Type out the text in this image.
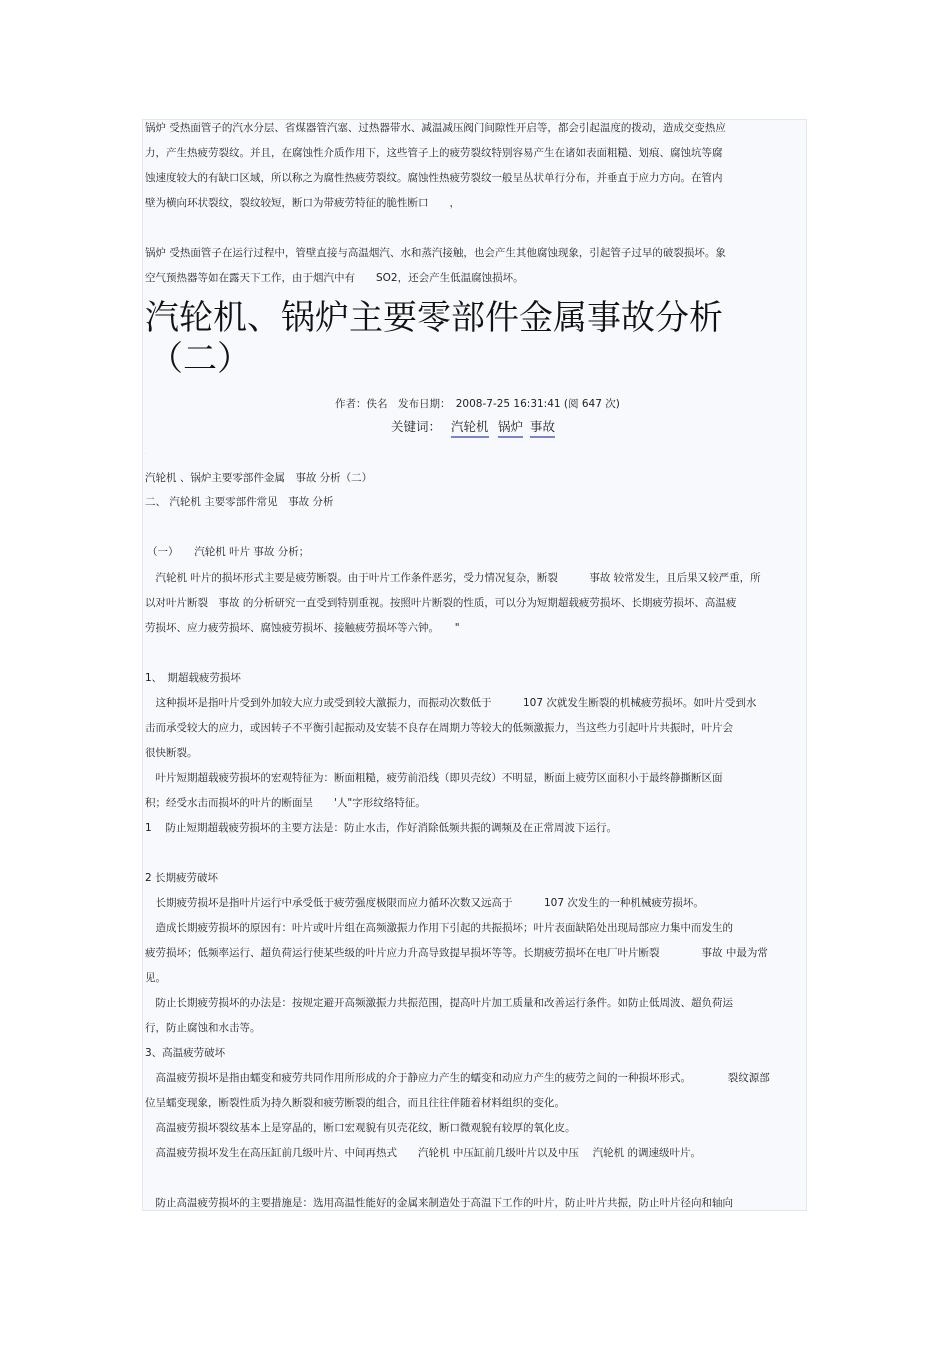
锅炉 受热面管子的汽水分层、省煤器管汽塞、过热器带水、减温减压阀门间隙性开启等，都会引起温度的拨动，造成交变热应
力，产生热疲劳裂纹。并且，在腐蚀性介质作用下，这些管子上的疲劳裂纹特别容易产生在诸如表面粗糙、划痕、腐蚀坑等腐
蚀速度较大的有缺口区域，所以称之为腐性热疲劳裂纹。腐蚀性热疲劳裂纹一般呈丛状单行分布，并垂直于应力方向。在管内
壁为横向环状裂纹，裂纹较短，断口为带疲劳特征的脆性断口　　，
锅炉 受热面管子在运行过程中，管壁直接与高温烟汽、水和蒸汽接触，也会产生其他腐蚀现象，引起管子过早的破裂损坏。象
空气预热器等如在露天下工作，由于烟汽中有　　SO2，还会产生低温腐蚀损坏。
汽轮机、锅炉主要零部件金属事故分析
（二）
作者：佚名　发布日期：　2008-7-25 16:31:41 (阅 647 次)
关键词： 汽轮机 锅炉 事故
·
汽轮机 、锅炉主要零部件金属　事故 分析（二）
二、 汽轮机 主要零部件常见　事故 分析
（一）　　汽轮机 叶片 事故 分析；
　汽轮机 叶片的损坏形式主要是疲劳断裂。由于叶片工作条件恶劣，受力情况复杂，断裂　　　事故 较常发生，且后果又较严重，所
以对叶片断裂　事故 的分析研究一直受到特别重视。按照叶片断裂的性质，可以分为短期超载疲劳损坏、长期疲劳损坏、高温疲
劳损坏、应力疲劳损坏、腐蚀疲劳损坏、接触疲劳损坏等六钟。　　"
1、　期超载疲劳损坏
　这种损坏是指叶片受到外加较大应力或受到较大激振力，而振动次数低于　　　107 次就发生断裂的机械疲劳损坏。如叶片受到水
击而承受较大的应力，或因转子不平衡引起振动及安装不良存在周期力等较大的低频激振力，当这些力引起叶片共振时，叶片会
很快断裂。
　叶片短期超载疲劳损坏的宏观特征为：断面粗糙，疲劳前沿线（即贝壳纹）不明显，断面上疲劳区面积小于最终静撕断区面
积；经受水击而损坏的叶片的断面呈　　'人"字形纹络特征。
1　 防止短期超载疲劳损坏的主要方法是：防止水击，作好消除低频共振的调频及在正常周波下运行。
2 长期疲劳破坏
　长期疲劳损坏是指叶片运行中承受低于疲劳强度极限而应力循环次数又远高于　　　107 次发生的一种机械疲劳损坏。
　造成长期疲劳损坏的原因有：叶片或叶片组在高频激振力作用下引起的共振损坏；叶片表面缺陷处出现局部应力集中而发生的
疲劳损坏；低频率运行、超负荷运行使某些级的叶片应力升高导致提早损坏等等。长期疲劳损坏在电厂叶片断裂　　　　事故 中最为常
见。
　防止长期疲劳损坏的办法是：按规定避开高频激振力共振范围，提高叶片加工质量和改善运行条件。如防止低周波、超负荷运
行，防止腐蚀和水击等。
3、高温疲劳破坏
　高温疲劳损坏是指由蠕变和疲劳共同作用所形成的介于静应力产生的蠕变和动应力产生的疲劳之间的一种损坏形式。　　　　裂纹源部
位呈蠕变现象，断裂性质为持久断裂和疲劳断裂的组合，而且往往伴随着材料组织的变化。
　高温疲劳损坏裂纹基本上是穿晶的，断口宏观貌有贝壳花纹，断口微观貌有较厚的氧化皮。
　高温疲劳损坏发生在高压缸前几级叶片、中间再热式　　汽轮机 中压缸前几级叶片以及中压　 汽轮机 的调速级叶片。
　防止高温疲劳损坏的主要措施是：选用高温性能好的金属来制造处于高温下工作的叶片，防止叶片共振，防止叶片径向和轴向
